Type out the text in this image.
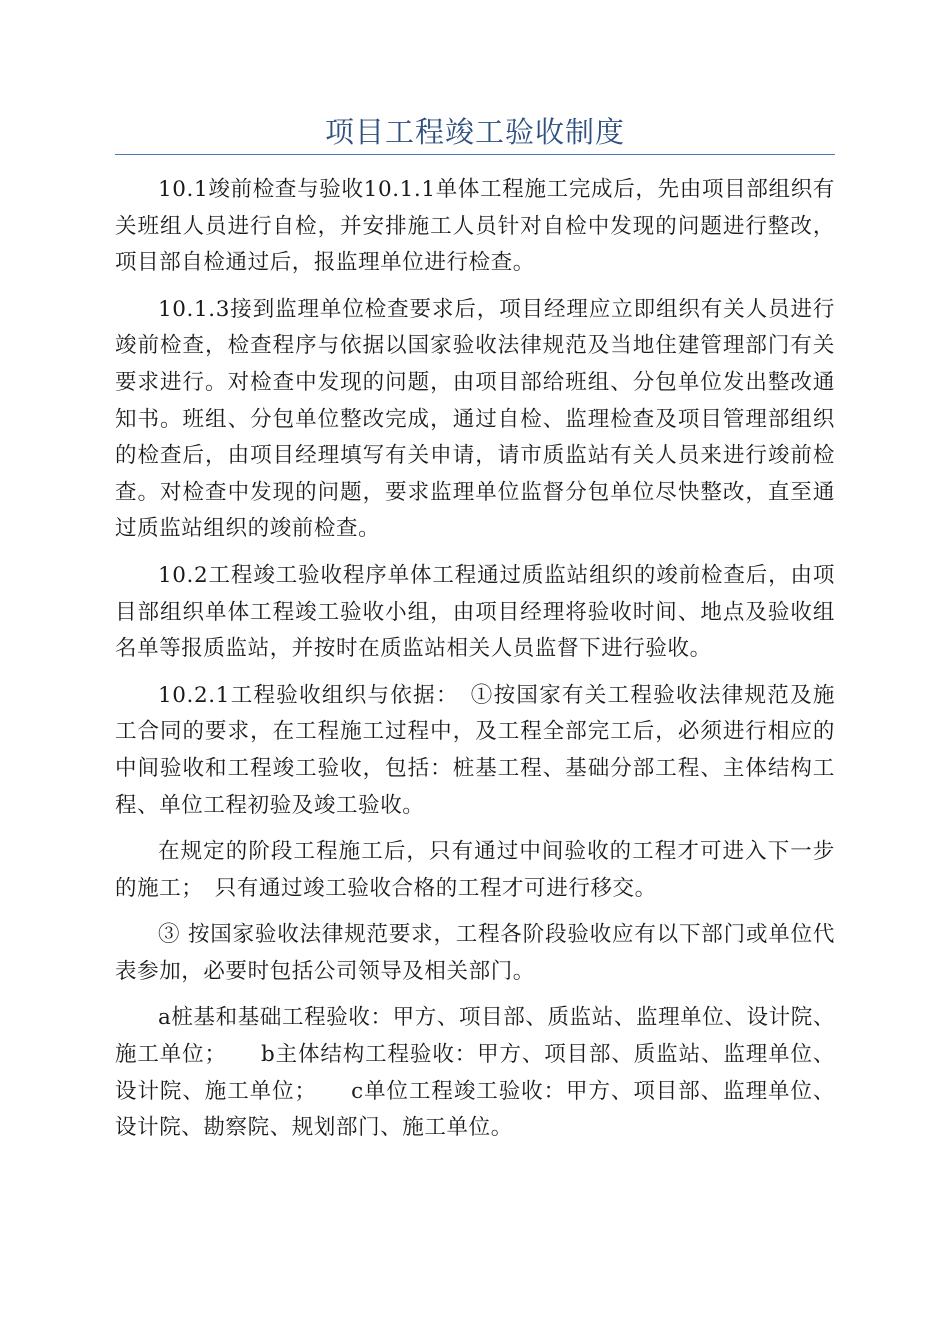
项目工程竣工验收制度

10.1竣前检查与验收10.1.1单体工程施工完成后，先由项目部组织有关班组人员进行自检，并安排施工人员针对自检中发现的问题进行整改，项目部自检通过后，报监理单位进行检查。

10.1.3接到监理单位检查要求后，项目经理应立即组织有关人员进行竣前检查，检查程序与依据以国家验收法律规范及当地住建管理部门有关要求进行。对检查中发现的问题，由项目部给班组、分包单位发出整改通知书。班组、分包单位整改完成，通过自检、监理检查及项目管理部组织的检查后，由项目经理填写有关申请，请市质监站有关人员来进行竣前检查。对检查中发现的问题，要求监理单位监督分包单位尽快整改，直至通过质监站组织的竣前检查。

10.2工程竣工验收程序单体工程通过质监站组织的竣前检查后，由项目部组织单体工程竣工验收小组，由项目经理将验收时间、地点及验收组名单等报质监站，并按时在质监站相关人员监督下进行验收。

10.2.1工程验收组织与依据：　①按国家有关工程验收法律规范及施工合同的要求，在工程施工过程中，及工程全部完工后，必须进行相应的中间验收和工程竣工验收，包括：桩基工程、基础分部工程、主体结构工程、单位工程初验及竣工验收。

在规定的阶段工程施工后，只有通过中间验收的工程才可进入下一步的施工；　只有通过竣工验收合格的工程才可进行移交。

③ 按国家验收法律规范要求，工程各阶段验收应有以下部门或单位代表参加，必要时包括公司领导及相关部门。

a桩基和基础工程验收：甲方、项目部、质监站、监理单位、设计院、施工单位；　　b主体结构工程验收：甲方、项目部、质监站、监理单位、设计院、施工单位；　　c单位工程竣工验收：甲方、项目部、监理单位、设计院、勘察院、规划部门、施工单位。
